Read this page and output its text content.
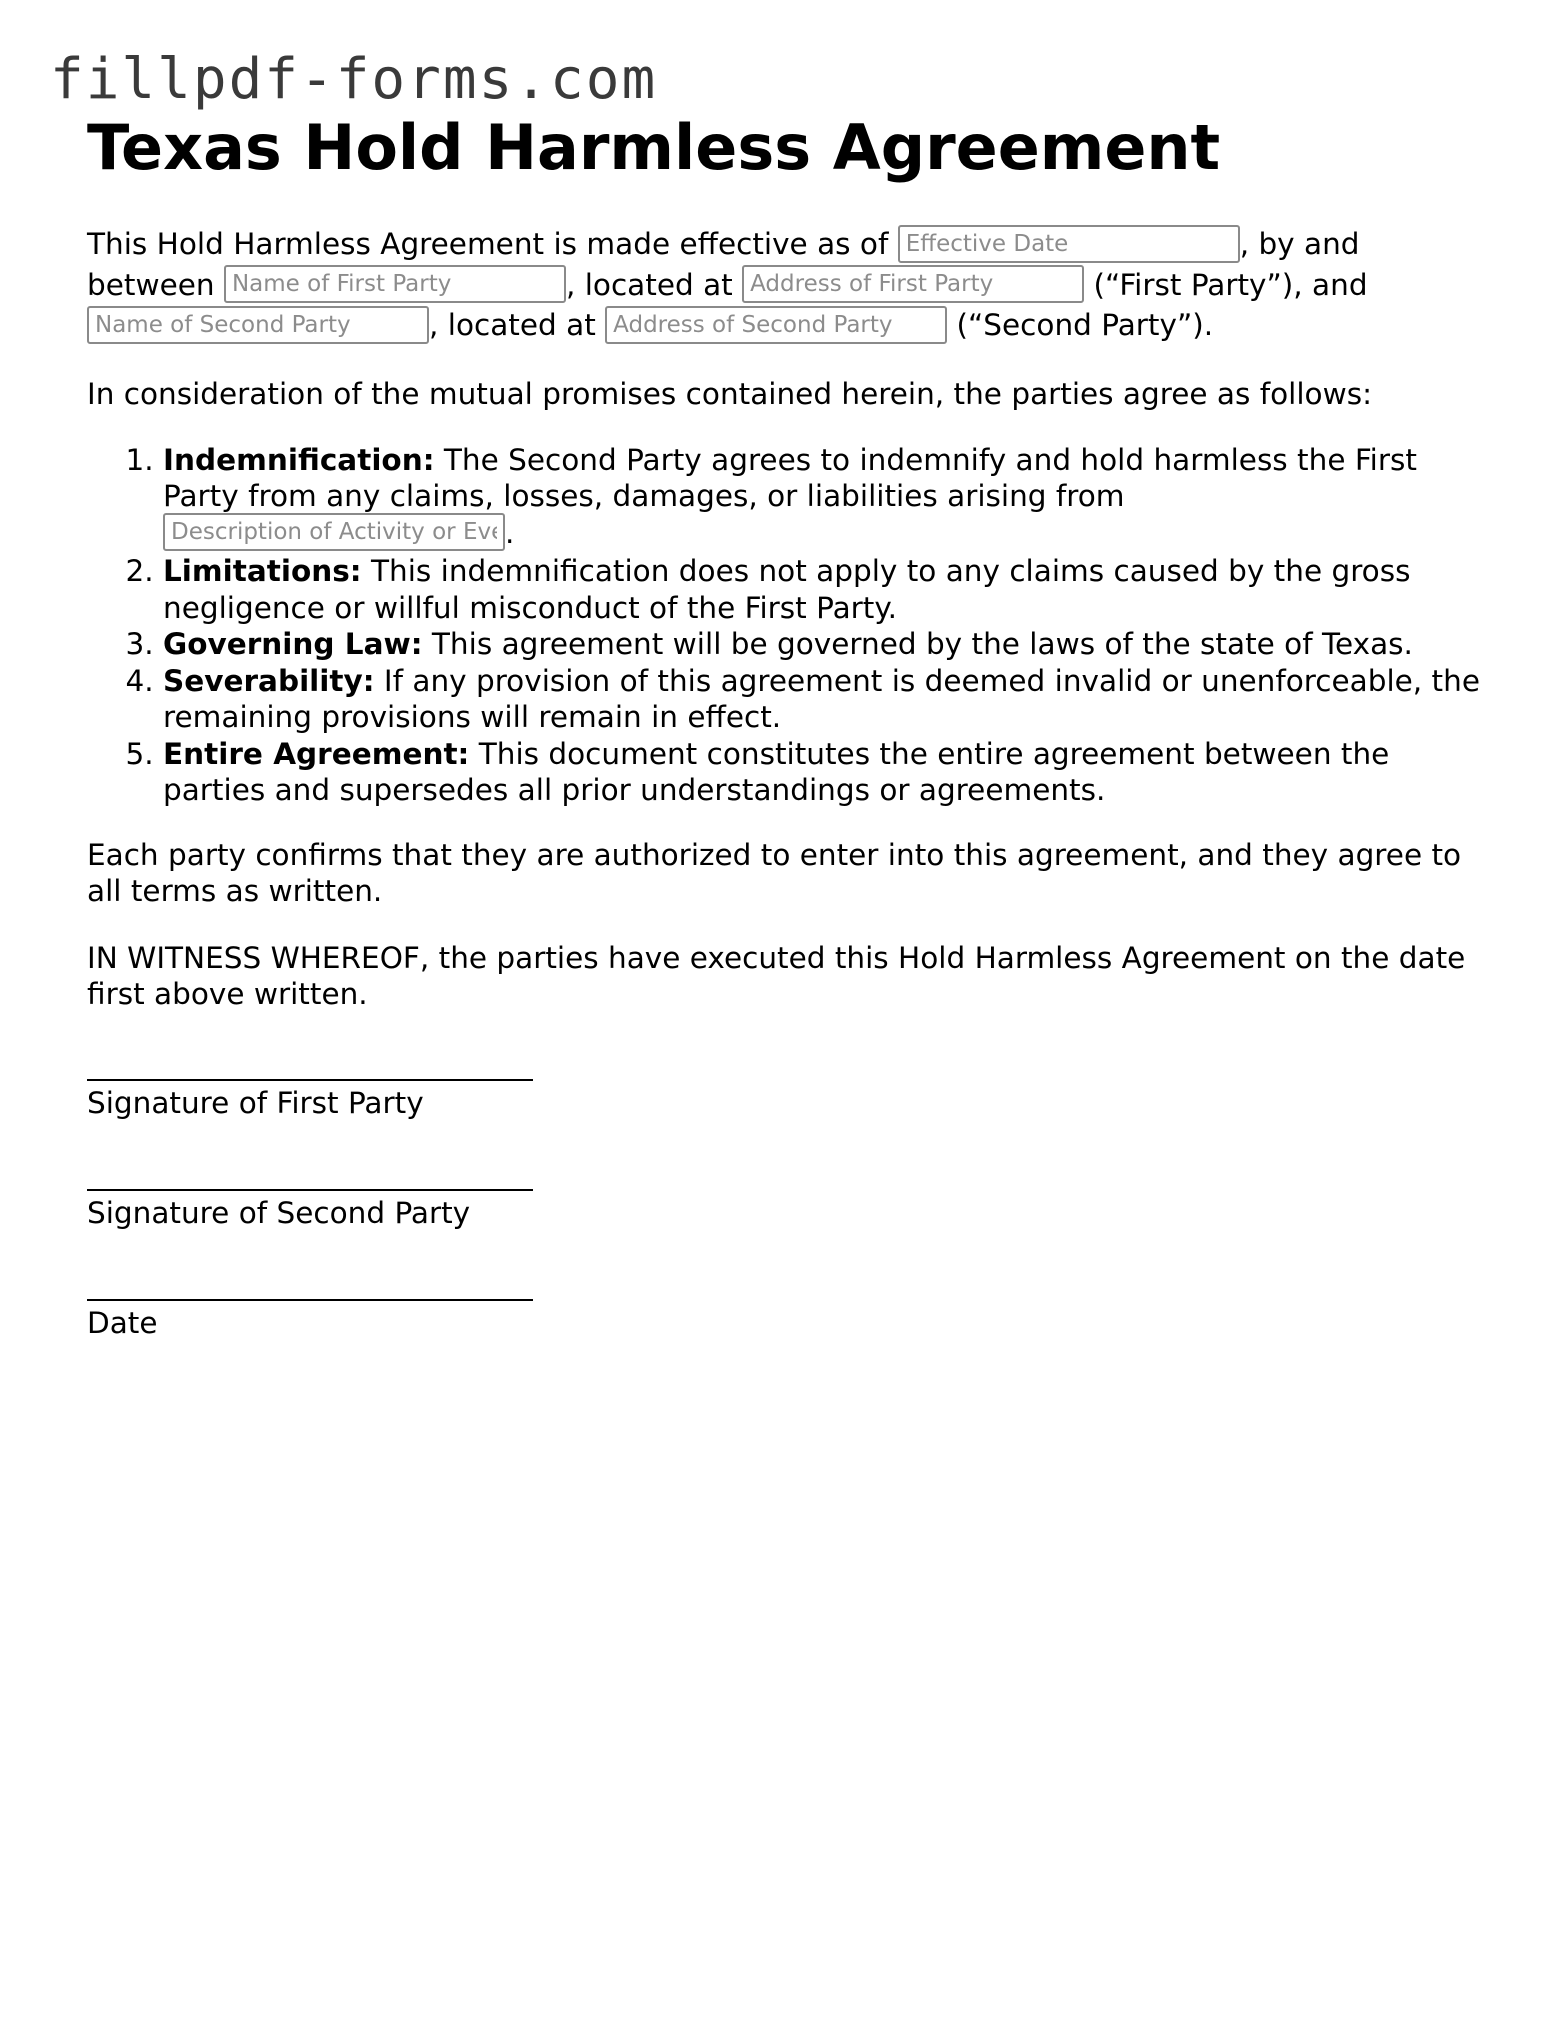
fillpdf-forms.com
Texas Hold Harmless Agreement

This Hold Harmless Agreement is made effective as of Effective Date	, by and between Name of First Party	, located at Address of First Party	(“First Party”), and Name of Second Party, located at Address of Second Party	(“Second Party”).

In consideration of the mutual promises contained herein, the parties agree as follows:

1. Indemnification: The Second Party agrees to indemnify and hold harmless the First Party from any claims, losses, damages, or liabilities arising from
Description of Activity or Event.
2. Limitations: This indemnification does not apply to any claims caused by the gross negligence or willful misconduct of the First Party.
3. Governing Law: This agreement will be governed by the laws of the state of Texas.
4. Severability: If any provision of this agreement is deemed invalid or unenforceable, the remaining provisions will remain in effect.
5. Entire Agreement: This document constitutes the entire agreement between the parties and supersedes all prior understandings or agreements.

Each party confirms that they are authorized to enter into this agreement, and they agree to all terms as written.

IN WITNESS WHEREOF, the parties have executed this Hold Harmless Agreement on the date first above written.

Signature of First Party
Signature of Second Party
Date
